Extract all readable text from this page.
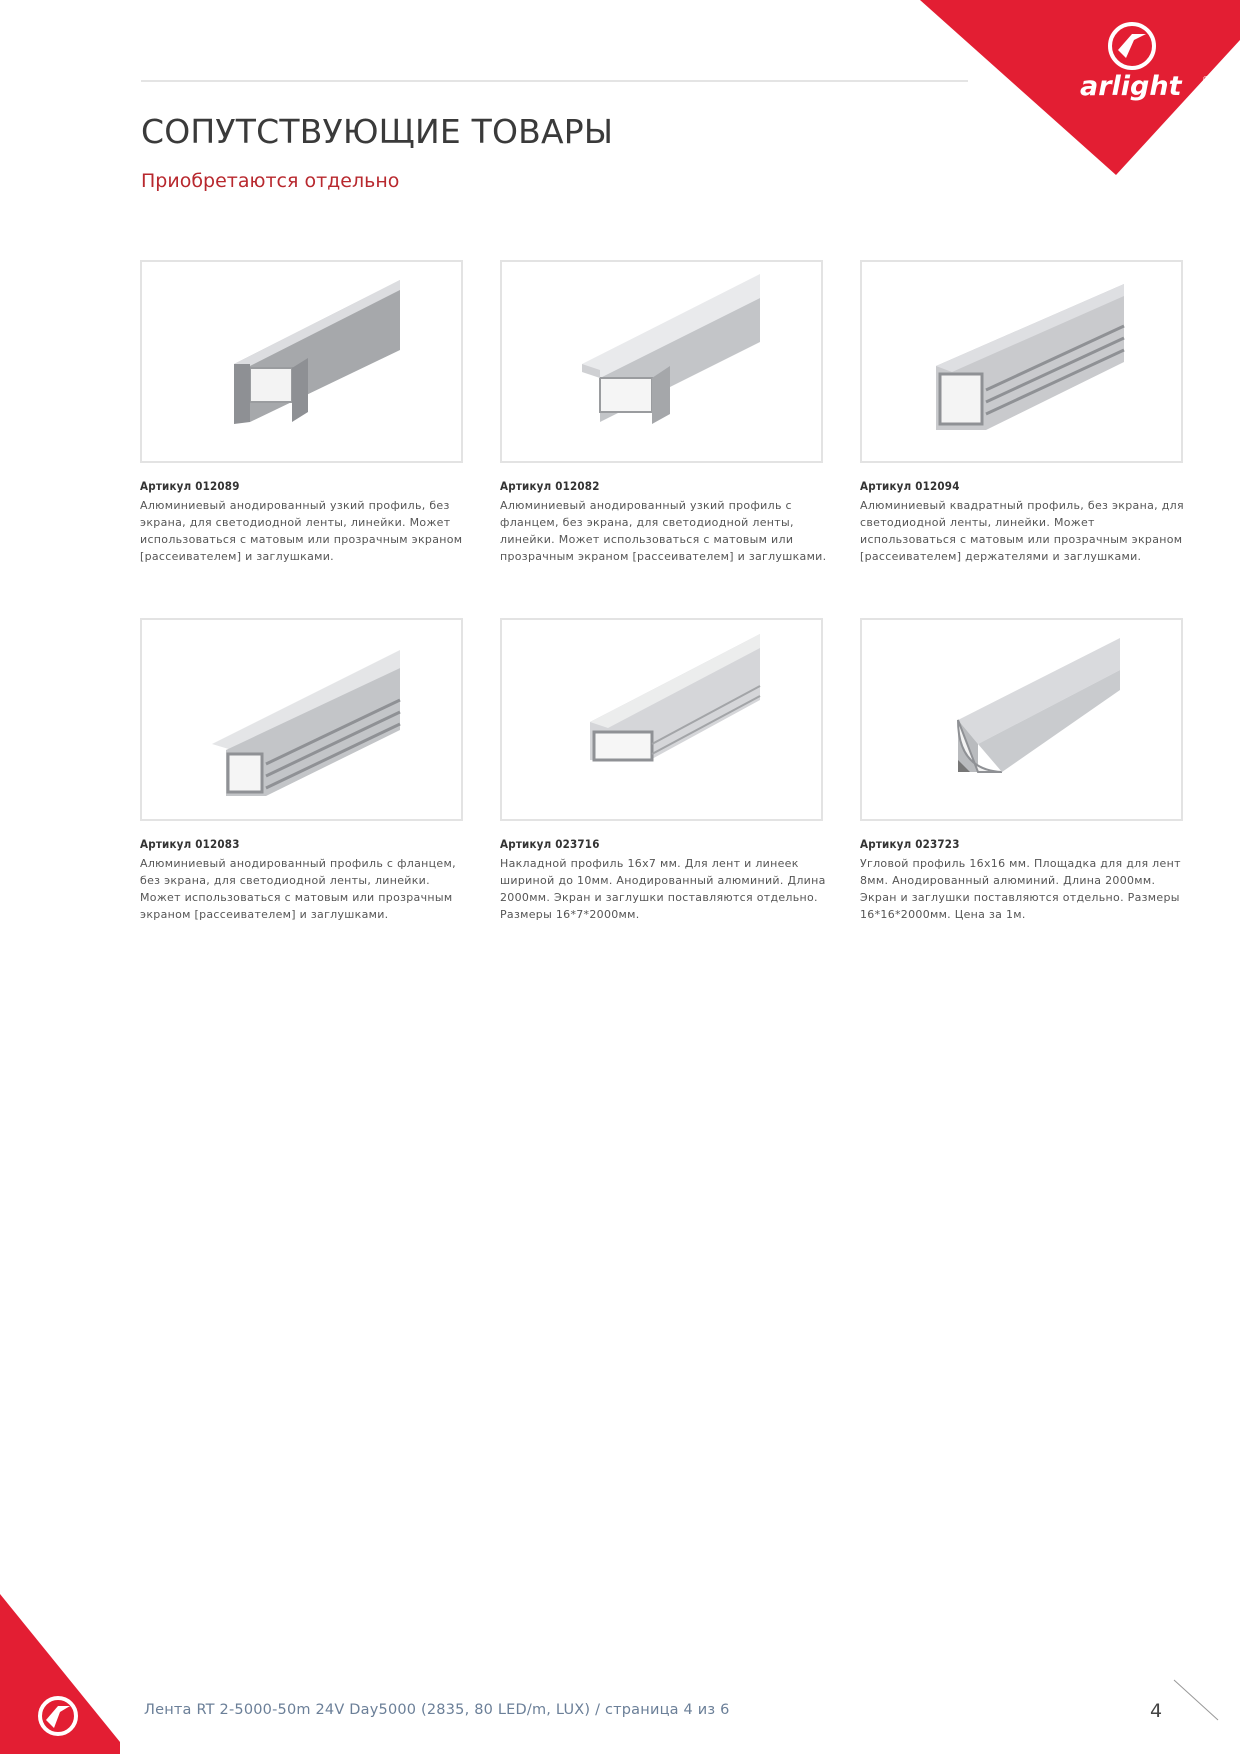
arlight	®
СОПУТСТВУЮЩИЕ ТОВАРЫ
Приобретаются отдельно
Артикул 012089
Алюминиевый анодированный узкий профиль, без экрана, для светодиодной ленты, линейки. Может использоваться с матовым или прозрачным экраном [рассеивателем] и заглушками.
Артикул 012082
Алюминиевый анодированный узкий профиль с фланцем, без экрана, для светодиодной ленты, линейки. Может использоваться с матовым или прозрачным экраном [рассеивателем] и заглушками.
Артикул 012094
Алюминиевый квадратный профиль, без экрана, для светодиодной ленты, линейки. Может использоваться с матовым или прозрачным экраном [рассеивателем] держателями и заглушками.
Артикул 012083
Алюминиевый анодированный профиль с фланцем, без экрана, для светодиодной ленты, линейки. Может использоваться с матовым или прозрачным экраном [рассеивателем] и заглушками.
Артикул 023716
Накладной профиль 16x7 мм. Для лент и линеек шириной до 10мм. Анодированный алюминий. Длина 2000мм. Экран и заглушки поставляются отдельно. Размеры 16*7*2000мм.
Артикул 023723
Угловой профиль 16x16 мм. Площадка для для лент 8мм. Анодированный алюминий. Длина 2000мм. Экран и заглушки поставляются отдельно. Размеры 16*16*2000мм. Цена за 1м.
Лента RT 2-5000-50m 24V Day5000 (2835, 80 LED/m, LUX) / страница 4 из 6	4
